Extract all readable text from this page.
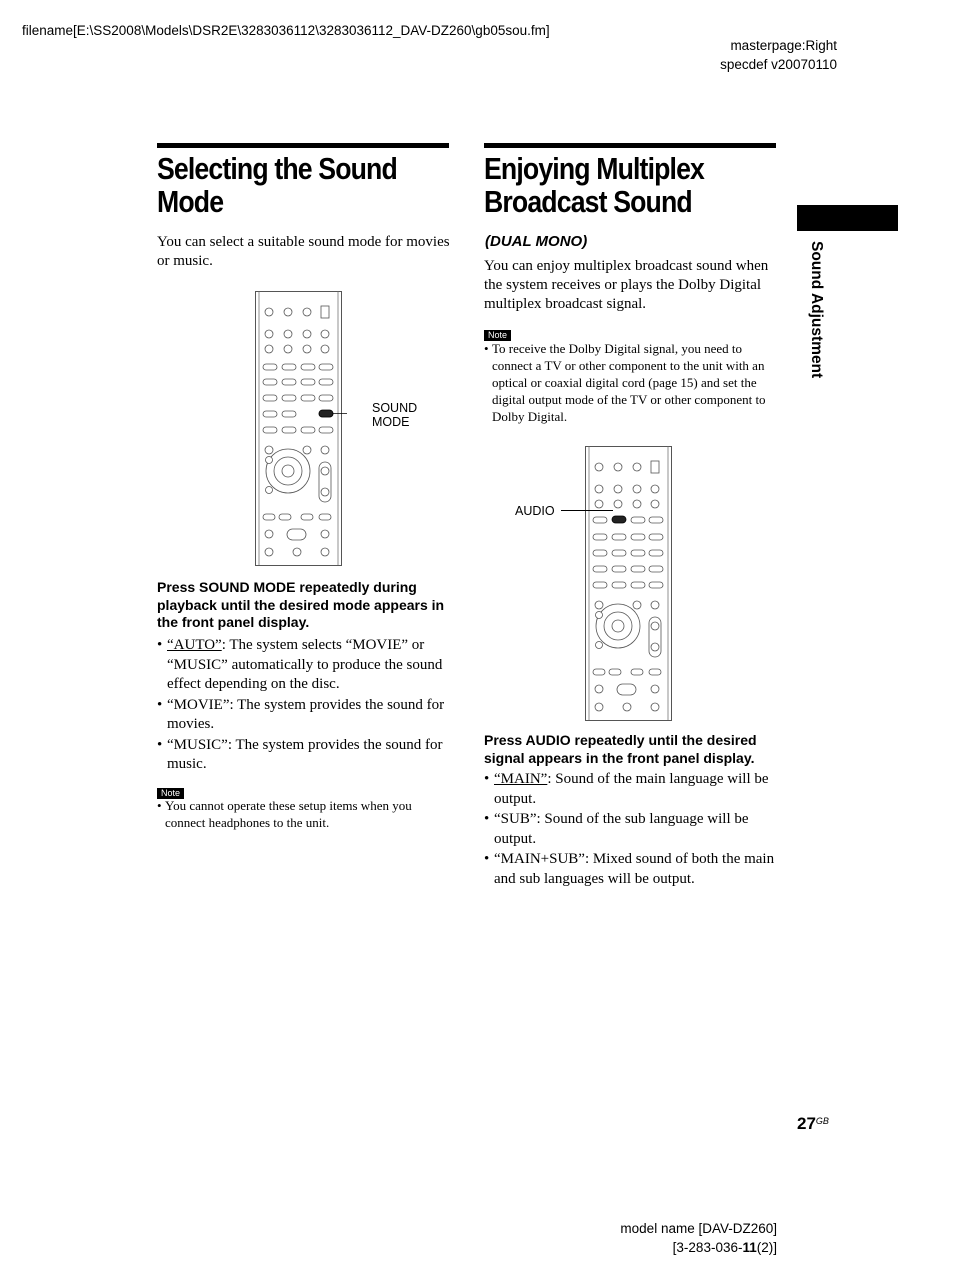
filename[E:\SS2008\Models\DSR2E\3283036112\3283036112_DAV-DZ260\gb05sou.fm]
masterpage:Right
specdef v20070110
Sound Adjustment

Selecting the Sound

Mode

You can select a suitable sound mode for movies

or music.

SOUND
MODE

Press SOUND MODE repeatedly during playback until the desired mode appears in the front panel display.

• “AUTO”: The system selects “MOVIE” or “MUSIC” automatically to produce the sound effect depending on the disc.
• “MOVIE”: The system provides the sound for movies.
• “MUSIC”: The system provides the sound for music.
Note
• You cannot operate these setup items when you connect headphones to the unit.

Enjoying Multiplex

Broadcast Sound

(DUAL MONO)

You can enjoy multiplex broadcast sound when the system receives or plays the Dolby Digital multiplex broadcast signal.

Note
• To receive the Dolby Digital signal, you need to connect a TV or other component to the unit with an optical or coaxial digital cord (page 15) and set the digital output mode of the TV or other component to Dolby Digital.
AUDIO

Press AUDIO repeatedly until the desired signal appears in the front panel display.

• “MAIN”: Sound of the main language will be output.
• “SUB”: Sound of the sub language will be output.
• “MAIN+SUB”: Mixed sound of both the main and sub languages will be output.
$27^{GB}$
model name [DAV-DZ260]
[3-283-036-11(2)]
